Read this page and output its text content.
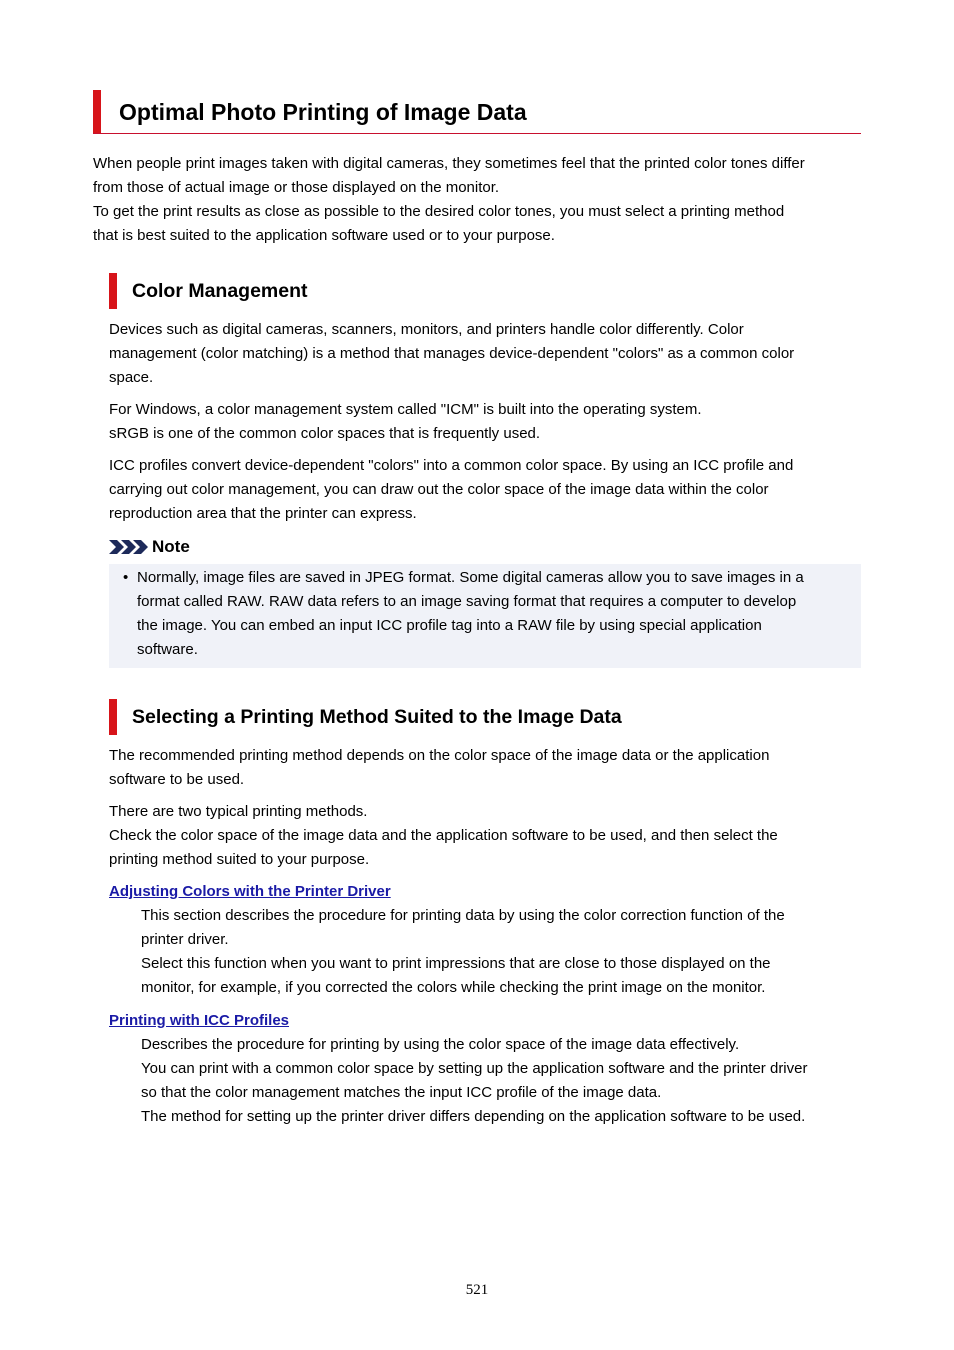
Optimal Photo Printing of Image Data
When people print images taken with digital cameras, they sometimes feel that the printed color tones differ
from those of actual image or those displayed on the monitor.
To get the print results as close as possible to the desired color tones, you must select a printing method
that is best suited to the application software used or to your purpose.
Color Management
Devices such as digital cameras, scanners, monitors, and printers handle color differently. Color
management (color matching) is a method that manages device-dependent "colors" as a common color
space.
For Windows, a color management system called "ICM" is built into the operating system.
sRGB is one of the common color spaces that is frequently used.
ICC profiles convert device-dependent "colors" into a common color space. By using an ICC profile and
carrying out color management, you can draw out the color space of the image data within the color
reproduction area that the printer can express.
Note
• Normally, image files are saved in JPEG format. Some digital cameras allow you to save images in a
format called RAW. RAW data refers to an image saving format that requires a computer to develop
the image. You can embed an input ICC profile tag into a RAW file by using special application
software.
Selecting a Printing Method Suited to the Image Data
The recommended printing method depends on the color space of the image data or the application
software to be used.
There are two typical printing methods.
Check the color space of the image data and the application software to be used, and then select the
printing method suited to your purpose.
Adjusting Colors with the Printer Driver
This section describes the procedure for printing data by using the color correction function of the
printer driver.
Select this function when you want to print impressions that are close to those displayed on the
monitor, for example, if you corrected the colors while checking the print image on the monitor.
Printing with ICC Profiles
Describes the procedure for printing by using the color space of the image data effectively.
You can print with a common color space by setting up the application software and the printer driver
so that the color management matches the input ICC profile of the image data.
The method for setting up the printer driver differs depending on the application software to be used.
521
